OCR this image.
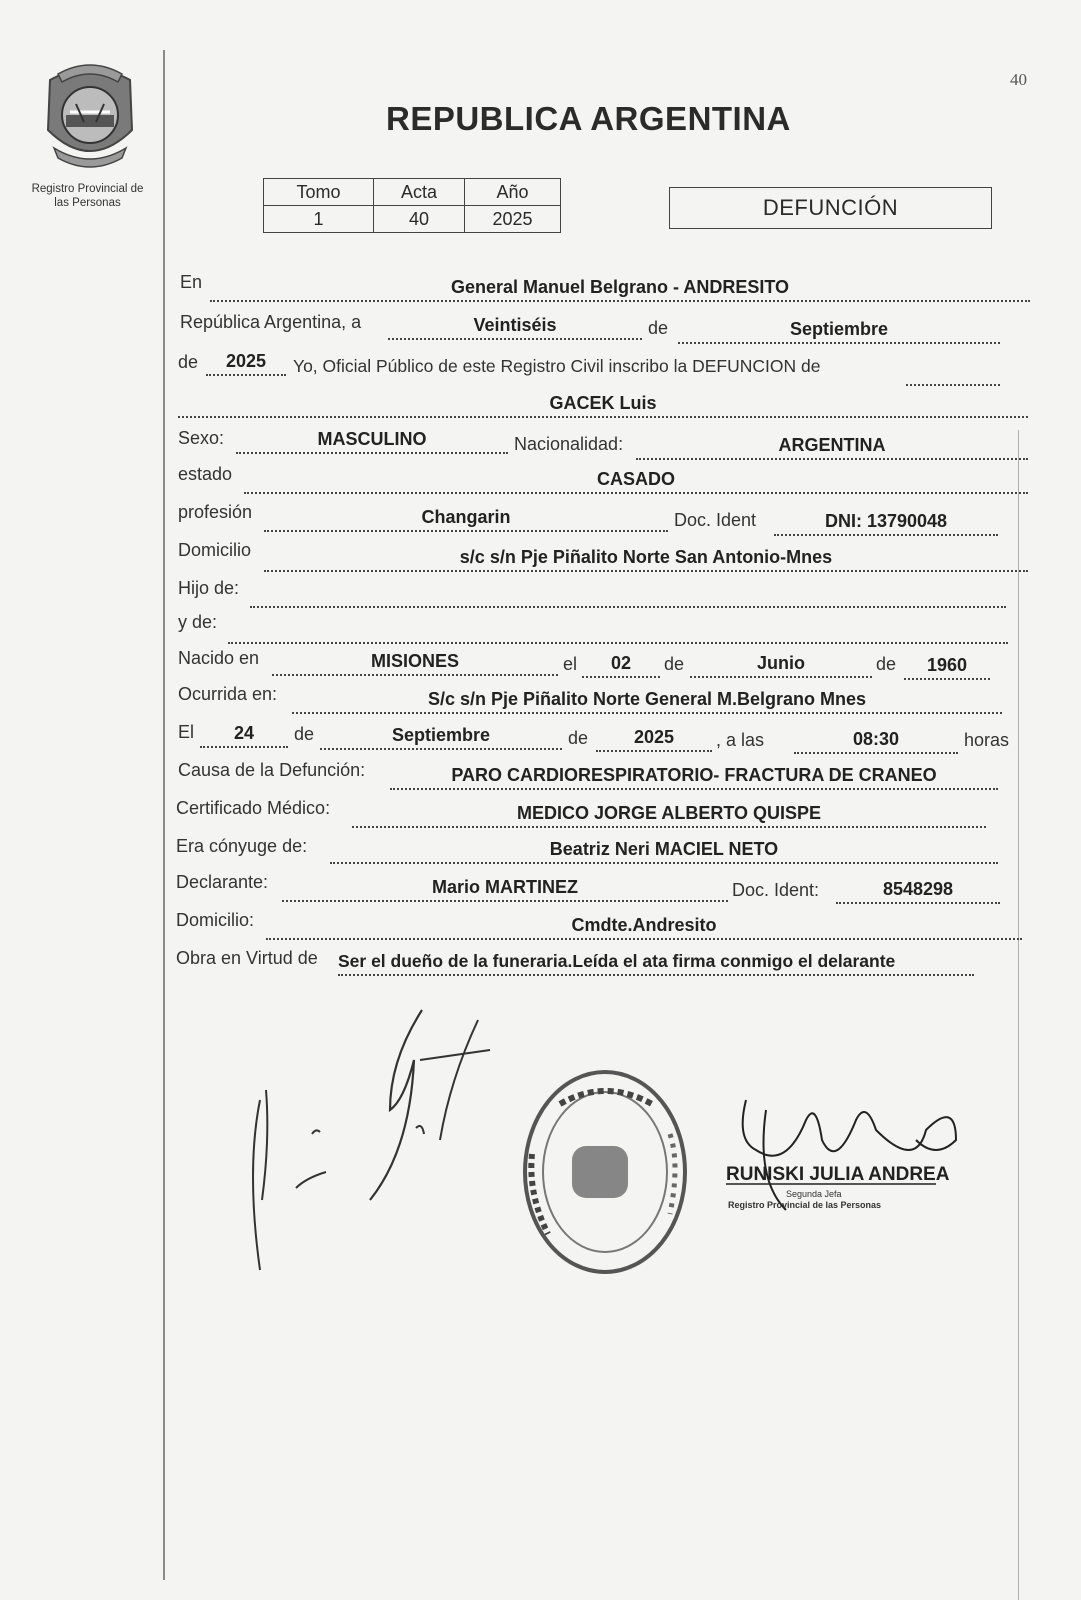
Registro Provincial de
las Personas
40
REPUBLICA ARGENTINA
Tomo	Acta	Año
1	40	2025	DEFUNCIÓN
En	General Manuel Belgrano - ANDRESITO
República Argentina, a	Veintiséis	de	Septiembre
de	2025	Yo, Oficial Público de este Registro Civil inscribo la DEFUNCION de
GACEK Luis
Sexo:	MASCULINO	Nacionalidad:	ARGENTINA
estado	CASADO
profesión	Changarin	Doc. Ident	DNI: 13790048
Domicilio	s/c s/n Pje Piñalito Norte San Antonio-Mnes
Hijo de:
y de:
Nacido en	MISIONES	el	02	de	Junio	de	1960
Ocurrida en:	S/c s/n Pje Piñalito Norte General M.Belgrano Mnes
El	24	de	Septiembre	de	2025	, a las	08:30	horas
Causa de la Defunción:	PARO CARDIORESPIRATORIO- FRACTURA DE CRANEO
Certificado Médico:	MEDICO JORGE ALBERTO QUISPE
Era cónyuge de:	Beatriz Neri MACIEL NETO
Declarante:	Mario MARTINEZ	Doc. Ident:	8548298
Domicilio:	Cmdte.Andresito
Obra en Virtud de Ser el dueño de la funeraria.Leída el ata firma conmigo el delarante
RUNISKI JULIA ANDREA
Segunda Jefa
Registro Provincial de las Personas
